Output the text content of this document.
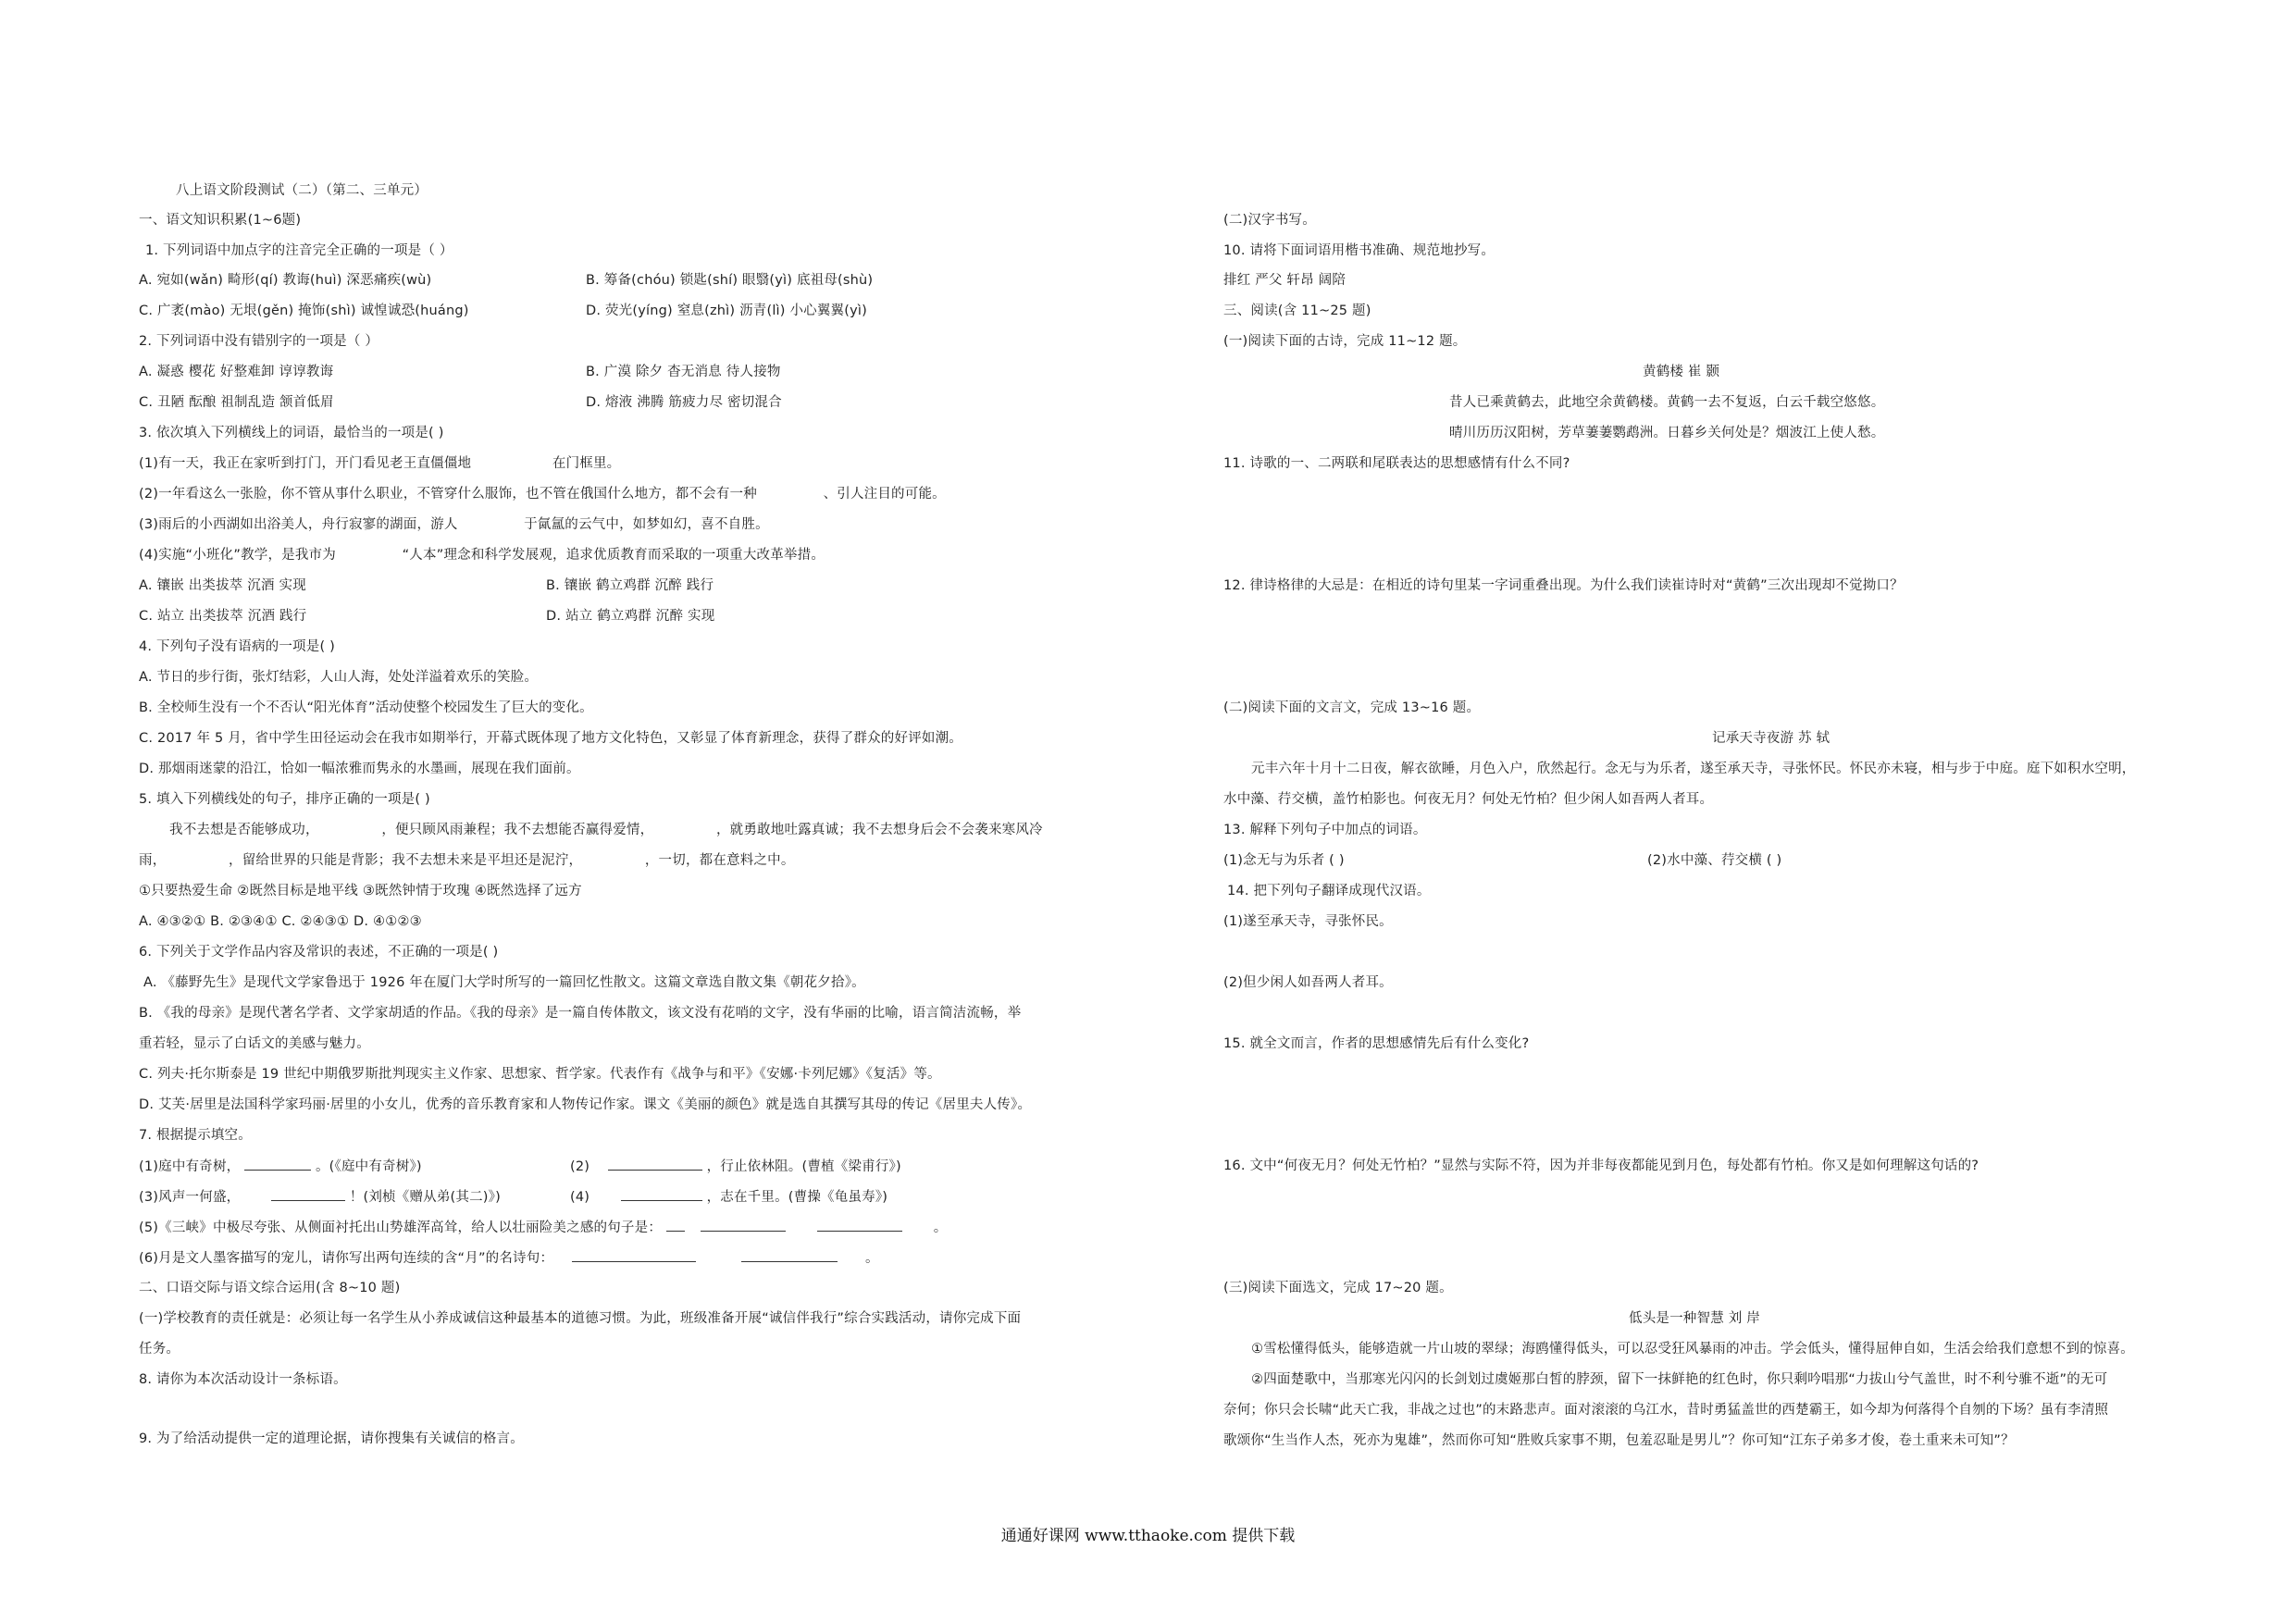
八上语文阶段测试（二）（第二、三单元）
一、语文知识积累(1~6题)
1. 下列词语中加点字的注音完全正确的一项是（ ）
A. 宛如(wǎn) 畸形(qí) 教诲(huì) 深恶痛疾(wù)	B. 筹备(chóu) 锁匙(shí) 眼翳(yì) 底祖母(shù)
C. 广袤(mào) 无垠(gěn) 掩饰(shì) 诚惶诚恐(huáng)	D. 荧光(yíng) 窒息(zhì) 沥青(lì) 小心翼翼(yì)
2. 下列词语中没有错别字的一项是（ ）
A. 凝惑 樱花 好整难卸 谆谆教诲	B. 广漠 除夕 杳无消息 待人接物
C. 丑陋 酝酿 祖制乱造 颔首低眉	D. 熔液 沸腾 筋疲力尽 密切混合
3. 依次填入下列横线上的词语，最恰当的一项是( )
(1)有一天，我正在家听到打门，开门看见老王直僵僵地	在门框里。
(2)一年看这么一张脸，你不管从事什么职业，不管穿什么服饰，也不管在俄国什么地方，都不会有一种	、引人注目的可能。
(3)雨后的小西湖如出浴美人，舟行寂寥的湖面，游人	于氤氲的云气中，如梦如幻，喜不自胜。
(4)实施“小班化”教学，是我市为	“人本”理念和科学发展观，追求优质教育而采取的一项重大改革举措。
A. 镶嵌 出类拔萃 沉酒 实现	B. 镶嵌 鹤立鸡群 沉醉 践行
C. 站立 出类拔萃 沉酒 践行	D. 站立 鹤立鸡群 沉醉 实现
4. 下列句子没有语病的一项是( )
A. 节日的步行街，张灯结彩，人山人海，处处洋溢着欢乐的笑脸。
B. 全校师生没有一个不否认“阳光体育”活动使整个校园发生了巨大的变化。
C. 2017 年 5 月，省中学生田径运动会在我市如期举行，开幕式既体现了地方文化特色，又彰显了体育新理念，获得了群众的好评如潮。
D. 那烟雨迷蒙的沿江，恰如一幅浓雅而隽永的水墨画，展现在我们面前。
5. 填入下列横线处的句子，排序正确的一项是( )
我不去想是否能够成功，	，便只顾风雨兼程；我不去想能否赢得爱情，	，就勇敢地吐露真诚；我不去想身后会不会袭来寒风冷
雨，	，留给世界的只能是背影；我不去想未来是平坦还是泥泞，	，一切，都在意料之中。
①只要热爱生命 ②既然目标是地平线 ③既然钟情于玫瑰 ④既然选择了远方
A. ④③②① B. ②③④① C. ②④③① D. ④①②③
6. 下列关于文学作品内容及常识的表述，不正确的一项是( )
A. 《藤野先生》是现代文学家鲁迅于 1926 年在厦门大学时所写的一篇回忆性散文。这篇文章选自散文集《朝花夕拾》。
B. 《我的母亲》是现代著名学者、文学家胡适的作品。《我的母亲》是一篇自传体散文，该文没有花哨的文字，没有华丽的比喻，语言简洁流畅，举
重若轻，显示了白话文的美感与魅力。
C. 列夫·托尔斯泰是 19 世纪中期俄罗斯批判现实主义作家、思想家、哲学家。代表作有《战争与和平》《安娜·卡列尼娜》《复活》等。
D. 艾芙·居里是法国科学家玛丽·居里的小女儿，优秀的音乐教育家和人物传记作家。课文《美丽的颜色》就是选自其撰写其母的传记《居里夫人传》。
7. 根据提示填空。
(1)庭中有奇树，	。(《庭中有奇树》)	(2)	，行止依林阻。(曹植《梁甫行》)
(3)风声一何盛，	！(刘桢《赠从弟(其二)》)	(4)	，志在千里。(曹操《龟虽寿》)
(5)《三峡》中极尽夸张、从侧面衬托出山势雄浑高耸，给人以壮丽险美之感的句子是：	。
(6)月是文人墨客描写的宠儿，请你写出两句连续的含“月”的名诗句：	。
二、口语交际与语文综合运用(含 8~10 题)
(一)学校教育的责任就是：必须让每一名学生从小养成诚信这种最基本的道德习惯。为此，班级准备开展“诚信伴我行”综合实践活动，请你完成下面
任务。
8. 请你为本次活动设计一条标语。
9. 为了给活动提供一定的道理论据，请你搜集有关诚信的格言。
(二)汉字书写。
10. 请将下面词语用楷书准确、规范地抄写。
排红 严父 轩昂 阔陪
三、阅读(含 11~25 题)
(一)阅读下面的古诗，完成 11~12 题。
黄鹤楼 崔 颢
昔人已乘黄鹤去，此地空余黄鹤楼。黄鹤一去不复返，白云千载空悠悠。
晴川历历汉阳树，芳草萋萋鹦鹉洲。日暮乡关何处是？烟波江上使人愁。
11. 诗歌的一、二两联和尾联表达的思想感情有什么不同?
12. 律诗格律的大忌是：在相近的诗句里某一字词重叠出现。为什么我们读崔诗时对“黄鹤”三次出现却不觉拗口？
(二)阅读下面的文言文，完成 13~16 题。
记承天寺夜游 苏 轼
元丰六年十月十二日夜，解衣欲睡，月色入户，欣然起行。念无与为乐者，遂至承天寺，寻张怀民。怀民亦未寝，相与步于中庭。庭下如积水空明，
水中藻、荇交横，盖竹柏影也。何夜无月？何处无竹柏？但少闲人如吾两人者耳。
13. 解释下列句子中加点的词语。
(1)念无与为乐者 ( )	(2)水中藻、荇交横 ( )
14. 把下列句子翻译成现代汉语。
(1)遂至承天寺，寻张怀民。
(2)但少闲人如吾两人者耳。
15. 就全文而言，作者的思想感情先后有什么变化?
16. 文中“何夜无月？何处无竹柏？”显然与实际不符，因为并非每夜都能见到月色，每处都有竹柏。你又是如何理解这句话的?
(三)阅读下面选文，完成 17~20 题。
低头是一种智慧 刘 岸
①雪松懂得低头，能够造就一片山坡的翠绿；海鸥懂得低头，可以忍受狂风暴雨的冲击。学会低头，懂得屈伸自如，生活会给我们意想不到的惊喜。
②四面楚歌中，当那寒光闪闪的长剑划过虞姬那白皙的脖颈，留下一抹鲜艳的红色时，你只剩吟唱那“力拔山兮气盖世，时不利兮骓不逝”的无可
奈何；你只会长啸“此天亡我，非战之过也”的末路悲声。面对滚滚的乌江水，昔时勇猛盖世的西楚霸王，如今却为何落得个自刎的下场？虽有李清照
歌颂你“生当作人杰，死亦为鬼雄”，然而你可知“胜败兵家事不期，包羞忍耻是男儿”？你可知“江东子弟多才俊，卷土重来未可知”？
通通好课网 www.tthaoke.com 提供下载
